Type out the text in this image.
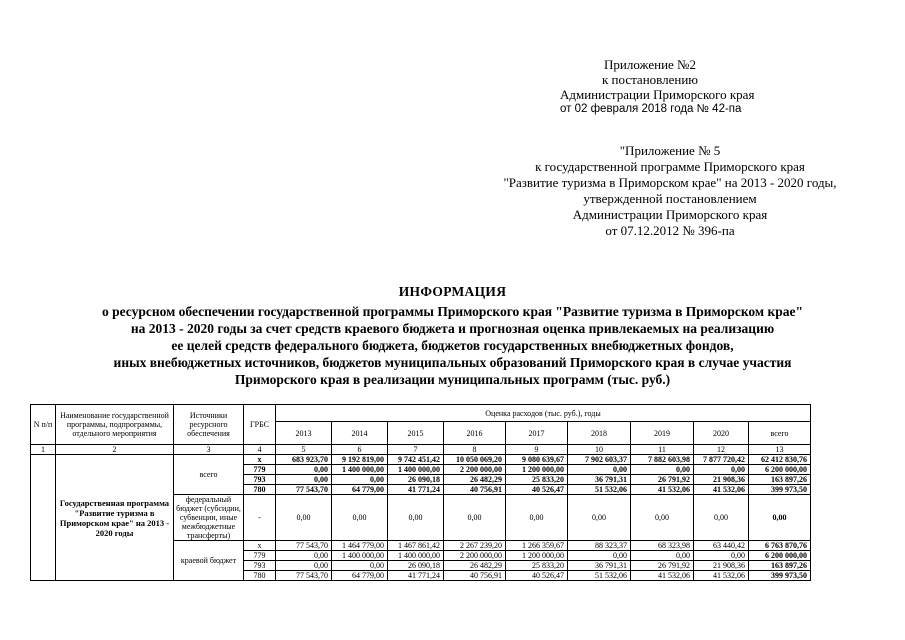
Приложение №2
к постановлению
Администрации Приморского края
от 02 февраля 2018 года № 42-па
"Приложение № 5
к государственной программе Приморского края
"Развитие туризма в Приморском крае" на 2013 - 2020 годы,
утвержденной постановлением
Администрации Приморского края
от 07.12.2012 № 396-па
ИНФОРМАЦИЯ
о ресурсном обеспечении государственной программы Приморского края "Развитие туризма в Приморском крае"
на 2013 - 2020 годы за счет средств краевого бюджета и прогнозная оценка привлекаемых на реализацию
ее целей средств федерального бюджета, бюджетов государственных внебюджетных фондов,
иных внебюджетных источников, бюджетов муниципальных образований Приморского края в случае участия
Приморского края в реализации муниципальных программ (тыс. руб.)
N п/п	Наименование государственной программы, подпрограммы, отдельного мероприятия	Источники ресурсного обеспечения	ГРБС	Оценка расходов (тыс. руб.), годы								
				2013	2014	2015	2016	2017	2018	2019	2020	всего
1	2	3	4	5	6	7	8	9	10	11	12	13
	Государственная программа "Развитие туризма в Приморском крае" на 2013 - 2020 годы	всего	x	683 923,70	9 192 819,00	9 742 451,42	10 050 069,20	9 080 639,67	7 902 603,37	7 882 603,98	7 877 720,42	62 412 830,76
			779	0,00	1 400 000,00	1 400 000,00	2 200 000,00	1 200 000,00	0,00	0,00	0,00	6 200 000,00
			793	0,00	0,00	26 090,18	26 482,29	25 833,20	36 791,31	26 791,92	21 908,36	163 897,26
			780	77 543,70	64 779,00	41 771,24	40 756,91	40 526,47	51 532,06	41 532,06	41 532,06	399 973,50
		федеральный бюджет (субсидии, субвенции, иные межбюджетные трансферты)	-	0,00	0,00	0,00	0,00	0,00	0,00	0,00	0,00	0,00
		краевой бюджет	x	77 543,70	1 464 779,00	1 467 861,42	2 267 239,20	1 266 359,67	88 323,37	68 323,98	63 440,42	6 763 870,76
			779	0,00	1 400 000,00	1 400 000,00	2 200 000,00	1 200 000,00	0,00	0,00	0,00	6 200 000,00
			793	0,00	0,00	26 090,18	26 482,29	25 833,20	36 791,31	26 791,92	21 908,36	163 897,26
			780	77 543,70	64 779,00	41 771,24	40 756,91	40 526,47	51 532,06	41 532,06	41 532,06	399 973,50
